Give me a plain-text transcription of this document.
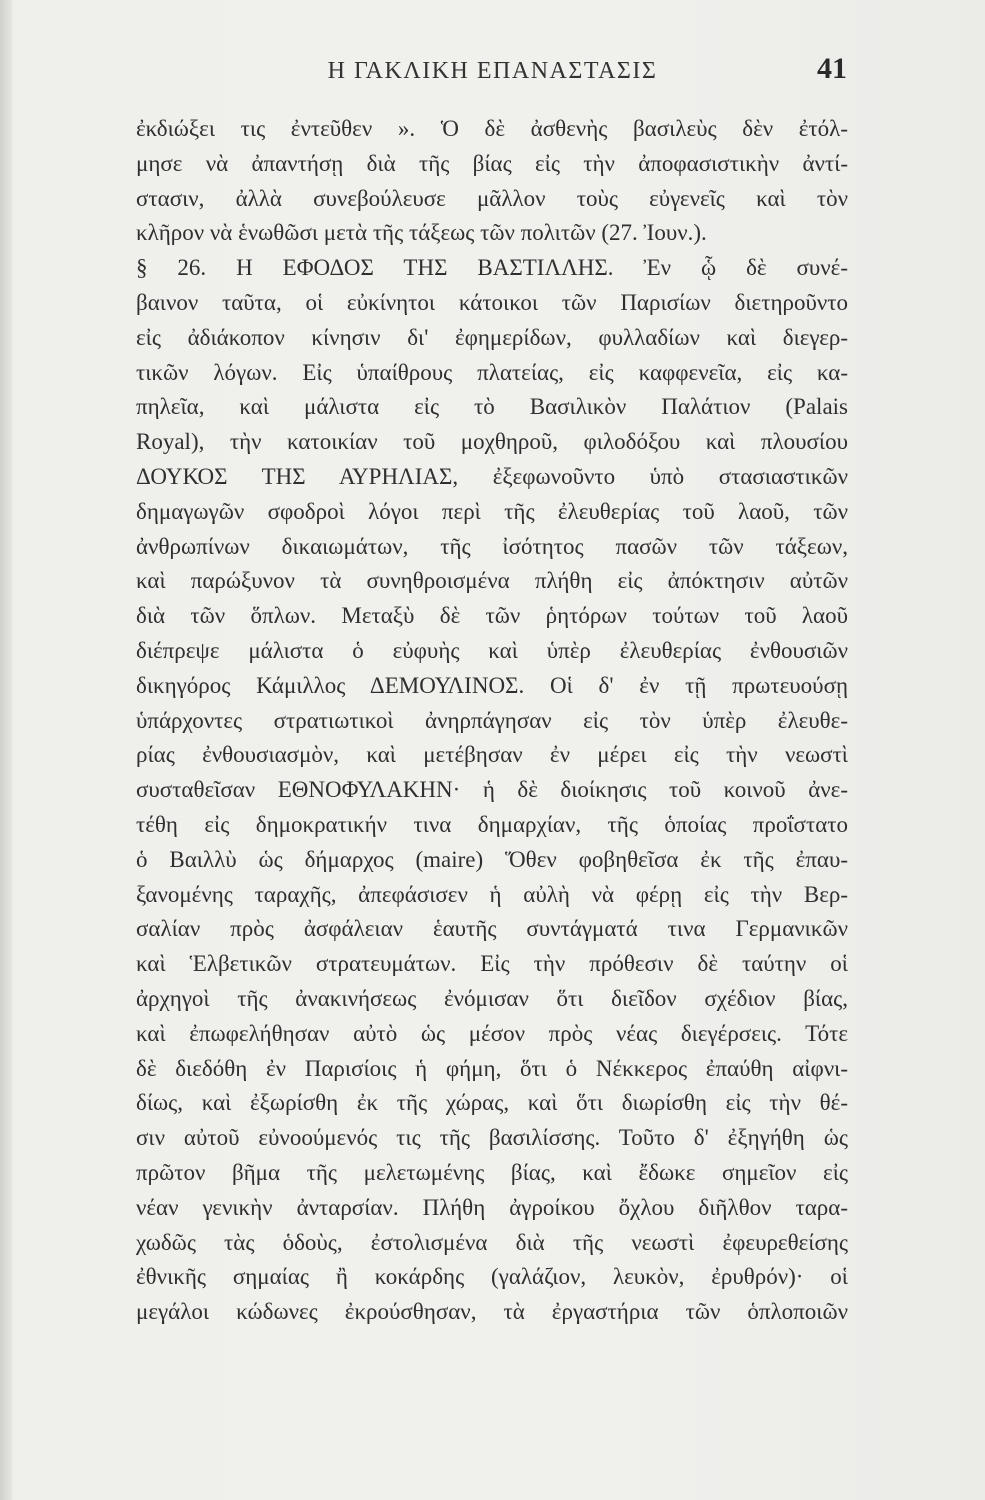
Η ΓΑΚΛΙΚΗ ΕΠΑΝΑΣΤΑΣΙΣ	41
ἐκδιώξει τις ἐντεῦθεν ». Ὁ δὲ ἀσθενὴς βασιλεὺς δὲν ἐτόλ-
μησε νὰ ἀπαντήσῃ διὰ τῆς βίας εἰς τὴν ἀποφασιστικὴν ἀντί-
στασιν, ἀλλὰ συνεβούλευσε μᾶλλον τοὺς εὐγενεῖς καὶ τὸν
κλῆρον νὰ ἑνωθῶσι μετὰ τῆς τάξεως τῶν πολιτῶν (27. Ἰουν.).
§ 26. Η ΕΦΟΔΟΣ ΤΗΣ ΒΑΣΤΙΛΛΗΣ. Ἐν ᾧ δὲ συνέ-
βαινον ταῦτα, οἱ εὐκίνητοι κάτοικοι τῶν Παρισίων διετηροῦντο
εἰς ἀδιάκοπον κίνησιν δι' ἐφημερίδων, φυλλαδίων καὶ διεγερ-
τικῶν λόγων. Εἰς ὑπαίθρους πλατείας, εἰς καφφενεῖα, εἰς κα-
πηλεῖα, καὶ μάλιστα εἰς τὸ Βασιλικὸν Παλάτιον (Palais
Royal), τὴν κατοικίαν τοῦ μοχθηροῦ, φιλοδόξου καὶ πλουσίου
ΔΟΥΚΟΣ ΤΗΣ ΑΥΡΗΛΙΑΣ, ἐξεφωνοῦντο ὑπὸ στασιαστικῶν
δημαγωγῶν σφοδροὶ λόγοι περὶ τῆς ἐλευθερίας τοῦ λαοῦ, τῶν
ἀνθρωπίνων δικαιωμάτων, τῆς ἰσότητος πασῶν τῶν τάξεων,
καὶ παρώξυνον τὰ συνηθροισμένα πλήθη εἰς ἀπόκτησιν αὐτῶν
διὰ τῶν ὅπλων. Μεταξὺ δὲ τῶν ῥητόρων τούτων τοῦ λαοῦ
διέπρεψε μάλιστα ὁ εὐφυὴς καὶ ὑπὲρ ἐλευθερίας ἐνθουσιῶν
δικηγόρος Κάμιλλος ΔΕΜΟΥΛΙΝΟΣ. Οἱ δ' ἐν τῇ πρωτευούσῃ
ὑπάρχοντες στρατιωτικοὶ ἀνηρπάγησαν εἰς τὸν ὑπὲρ ἐλευθε-
ρίας ἐνθουσιασμὸν, καὶ μετέβησαν ἐν μέρει εἰς τὴν νεωστὶ
συσταθεῖσαν ΕΘΝΟΦΥΛΑΚΗΝ· ἡ δὲ διοίκησις τοῦ κοινοῦ ἀνε-
τέθη εἰς δημοκρατικήν τινα δημαρχίαν, τῆς ὁποίας προΐστατο
ὁ Βαιλλὺ ὡς δήμαρχος (maire) Ὅθεν φοβηθεῖσα ἐκ τῆς ἐπαυ-
ξανομένης ταραχῆς, ἀπεφάσισεν ἡ αὐλὴ νὰ φέρῃ εἰς τὴν Βερ-
σαλίαν πρὸς ἀσφάλειαν ἑαυτῆς συντάγματά τινα Γερμανικῶν
καὶ Ἑλβετικῶν στρατευμάτων. Εἰς τὴν πρόθεσιν δὲ ταύτην οἱ
ἀρχηγοὶ τῆς ἀνακινήσεως ἐνόμισαν ὅτι διεῖδον σχέδιον βίας,
καὶ ἐπωφελήθησαν αὐτὸ ὡς μέσον πρὸς νέας διεγέρσεις. Τότε
δὲ διεδόθη ἐν Παρισίοις ἡ φήμη, ὅτι ὁ Νέκκερος ἐπαύθη αἰφνι-
δίως, καὶ ἐξωρίσθη ἐκ τῆς χώρας, καὶ ὅτι διωρίσθη εἰς τὴν θέ-
σιν αὐτοῦ εὐνοούμενός τις τῆς βασιλίσσης. Τοῦτο δ' ἐξηγήθη ὡς
πρῶτον βῆμα τῆς μελετωμένης βίας, καὶ ἔδωκε σημεῖον εἰς
νέαν γενικὴν ἀνταρσίαν. Πλήθη ἀγροίκου ὄχλου διῆλθον ταρα-
χωδῶς τὰς ὁδοὺς, ἐστολισμένα διὰ τῆς νεωστὶ ἐφευρεθείσης
ἐθνικῆς σημαίας ἢ κοκάρδης (γαλάζιον, λευκὸν, ἐρυθρόν)· οἱ
μεγάλοι κώδωνες ἐκρούσθησαν, τὰ ἐργαστήρια τῶν ὁπλοποιῶν
